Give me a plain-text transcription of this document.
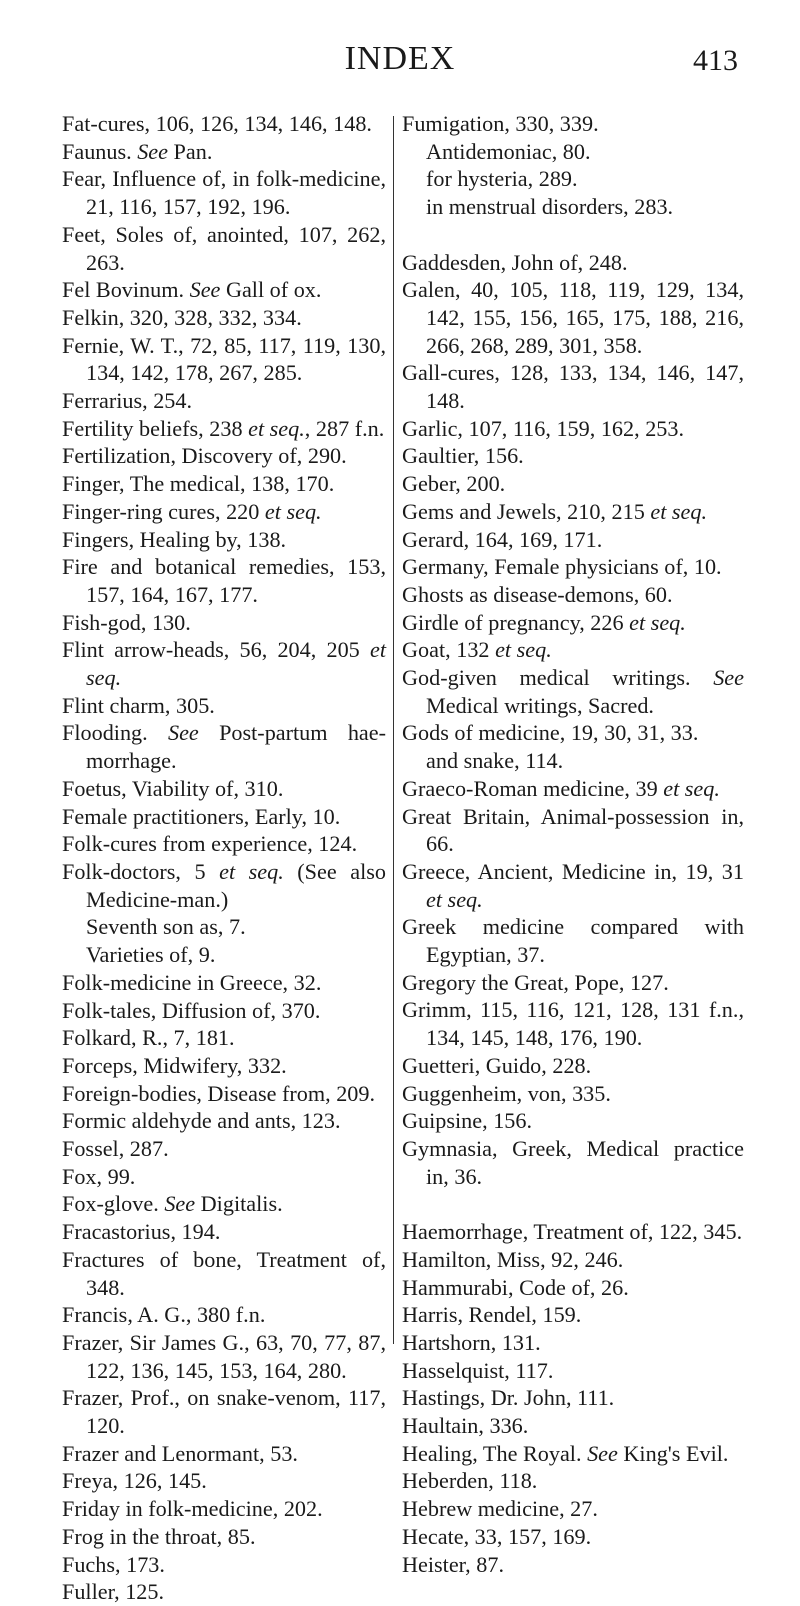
INDEX	413
Fat-cures, 106, 126, 134, 146, 148.
Faunus. See Pan.
Fear, Influence of, in folk-medicine, 21, 116, 157, 192, 196.
Feet, Soles of, anointed, 107, 262, 263.
Fel Bovinum. See Gall of ox.
Felkin, 320, 328, 332, 334.
Fernie, W. T., 72, 85, 117, 119, 130, 134, 142, 178, 267, 285.
Ferrarius, 254.
Fertility beliefs, 238 et seq., 287 f.n.
Fertilization, Discovery of, 290.
Finger, The medical, 138, 170.
Finger-ring cures, 220 et seq.
Fingers, Healing by, 138.
Fire and botanical remedies, 153, 157, 164, 167, 177.
Fish-god, 130.
Flint arrow-heads, 56, 204, 205 et seq.
Flint charm, 305.
Flooding. See Post-partum hae-morrhage.
Foetus, Viability of, 310.
Female practitioners, Early, 10.
Folk-cures from experience, 124.
Folk-doctors, 5 et seq. (See also Medicine-man.)
Seventh son as, 7.
Varieties of, 9.
Folk-medicine in Greece, 32.
Folk-tales, Diffusion of, 370.
Folkard, R., 7, 181.
Forceps, Midwifery, 332.
Foreign-bodies, Disease from, 209.
Formic aldehyde and ants, 123.
Fossel, 287.
Fox, 99.
Fox-glove. See Digitalis.
Fracastorius, 194.
Fractures of bone, Treatment of, 348.
Francis, A. G., 380 f.n.
Frazer, Sir James G., 63, 70, 77, 87, 122, 136, 145, 153, 164, 280.
Frazer, Prof., on snake-venom, 117, 120.
Frazer and Lenormant, 53.
Freya, 126, 145.
Friday in folk-medicine, 202.
Frog in the throat, 85.
Fuchs, 173.
Fuller, 125.
Fumigation, 330, 339.
Antidemoniac, 80.
for hysteria, 289.
in menstrual disorders, 283.
Gaddesden, John of, 248.
Galen, 40, 105, 118, 119, 129, 134, 142, 155, 156, 165, 175, 188, 216, 266, 268, 289, 301, 358.
Gall-cures, 128, 133, 134, 146, 147, 148.
Garlic, 107, 116, 159, 162, 253.
Gaultier, 156.
Geber, 200.
Gems and Jewels, 210, 215 et seq.
Gerard, 164, 169, 171.
Germany, Female physicians of, 10.
Ghosts as disease-demons, 60.
Girdle of pregnancy, 226 et seq.
Goat, 132 et seq.
God-given medical writings. See Medical writings, Sacred.
Gods of medicine, 19, 30, 31, 33.
and snake, 114.
Graeco-Roman medicine, 39 et seq.
Great Britain, Animal-possession in, 66.
Greece, Ancient, Medicine in, 19, 31 et seq.
Greek medicine compared with Egyptian, 37.
Gregory the Great, Pope, 127.
Grimm, 115, 116, 121, 128, 131 f.n., 134, 145, 148, 176, 190.
Guetteri, Guido, 228.
Guggenheim, von, 335.
Guipsine, 156.
Gymnasia, Greek, Medical practice in, 36.
Haemorrhage, Treatment of, 122, 345.
Hamilton, Miss, 92, 246.
Hammurabi, Code of, 26.
Harris, Rendel, 159.
Hartshorn, 131.
Hasselquist, 117.
Hastings, Dr. John, 111.
Haultain, 336.
Healing, The Royal. See King's Evil.
Heberden, 118.
Hebrew medicine, 27.
Hecate, 33, 157, 169.
Heister, 87.
